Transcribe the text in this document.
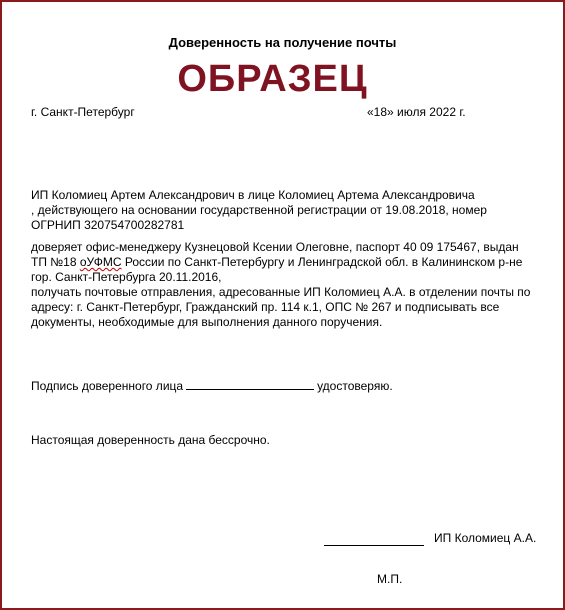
Доверенность на получение почты
ОБРАЗЕЦ
г. Санкт-Петербург	«18» июля 2022 г.
ИП Коломиец Артем Александрович в лице Коломиец Артема Александровича
, действующего на основании государственной регистрации от 19.08.2018, номер
ОГРНИП 320754700282781
доверяет офис-менеджеру Кузнецовой Ксении Олеговне, паспорт 40 09 175467, выдан
ТП №18 оУФМС России по Санкт-Петербургу и Ленинградской обл. в Калининском р-не
гор. Санкт-Петербурга 20.11.2016,
получать почтовые отправления, адресованные ИП Коломиец А.А. в отделении почты по
адресу: г. Санкт-Петербург, Гражданский пр. 114 к.1, ОПС № 267 и подписывать все
документы, необходимые для выполнения данного поручения.
Подпись доверенного лица	удостоверяю.
Настоящая доверенность дана бессрочно.
ИП Коломиец А.А.
М.П.
